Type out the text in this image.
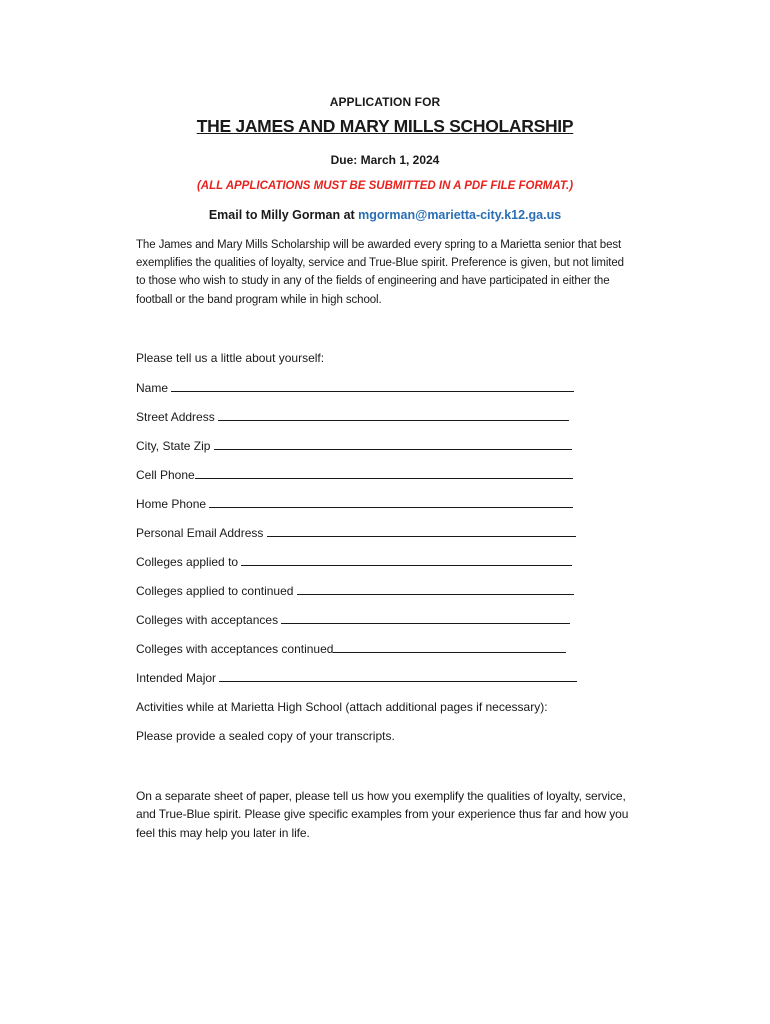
APPLICATION FOR
THE JAMES AND MARY MILLS SCHOLARSHIP
Due: March 1, 2024
(ALL APPLICATIONS MUST BE SUBMITTED IN A PDF FILE FORMAT.)
Email to Milly Gorman at mgorman@marietta-city.k12.ga.us
The James and Mary Mills Scholarship will be awarded every spring to a Marietta senior that best exemplifies the qualities of loyalty, service and True-Blue spirit. Preference is given, but not limited to those who wish to study in any of the fields of engineering and have participated in either the football or the band program while in high school.
Please tell us a little about yourself:
Name
Street Address
City, State Zip
Cell Phone
Home Phone
Personal Email Address
Colleges applied to
Colleges applied to continued
Colleges with acceptances
Colleges with acceptances continued
Intended Major
Activities while at Marietta High School (attach additional pages if necessary):
Please provide a sealed copy of your transcripts.
On a separate sheet of paper, please tell us how you exemplify the qualities of loyalty, service, and True-Blue spirit. Please give specific examples from your experience thus far and how you feel this may help you later in life.
